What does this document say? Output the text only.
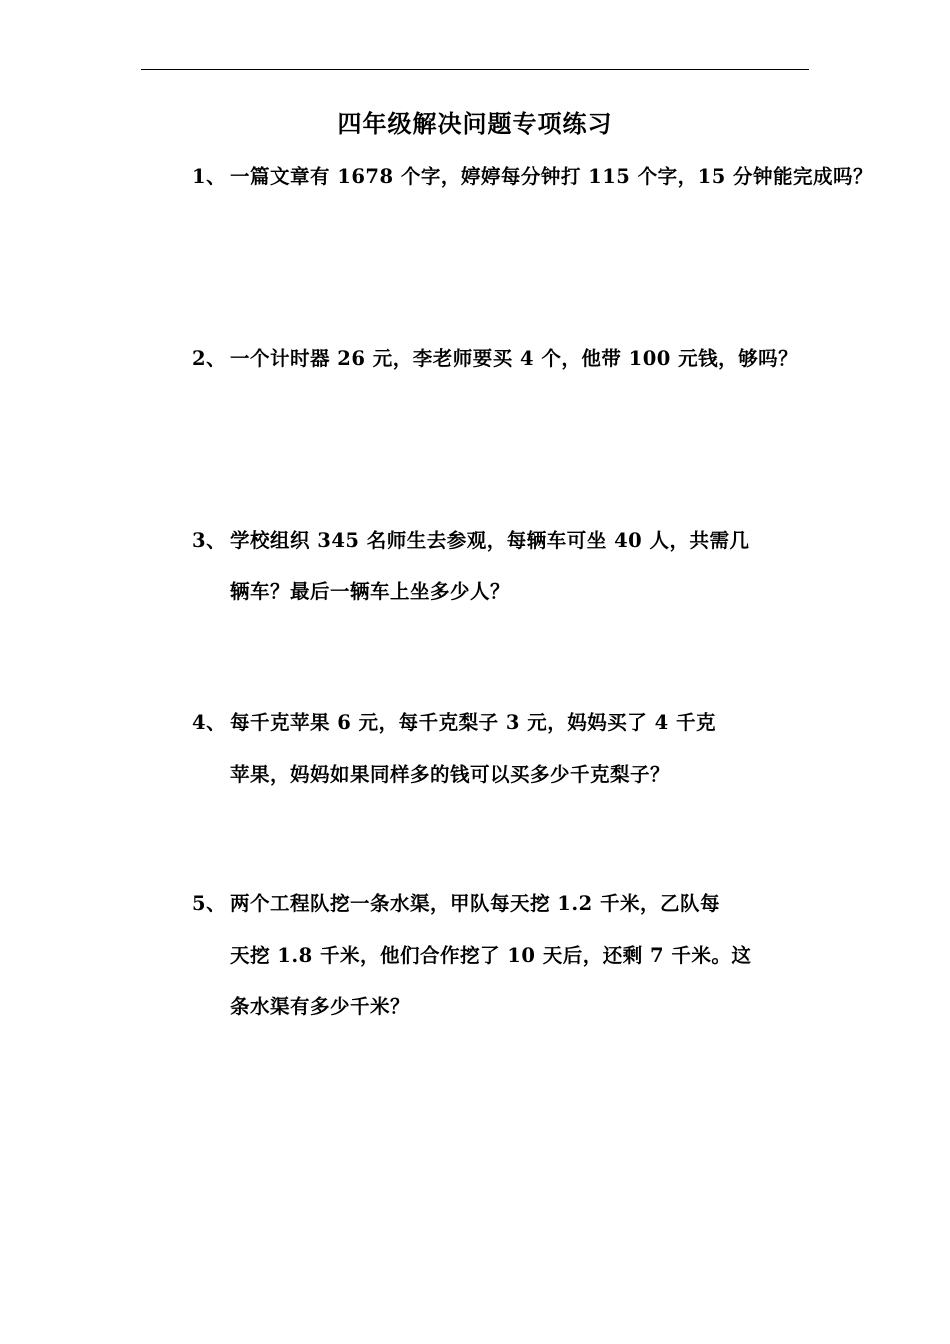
四年级解决问题专项练习
1、 一篇文章有 1678 个字，婷婷每分钟打 115 个字，15 分钟能完成吗？
2、 一个计时器 26 元，李老师要买 4 个，他带 100 元钱，够吗？
3、 学校组织 345 名师生去参观，每辆车可坐 40 人，共需几
辆车？最后一辆车上坐多少人？
4、 每千克苹果 6 元，每千克梨子 3 元，妈妈买了 4 千克
苹果，妈妈如果同样多的钱可以买多少千克梨子？
5、 两个工程队挖一条水渠，甲队每天挖 1.2 千米，乙队每
天挖 1.8 千米，他们合作挖了 10 天后，还剩 7 千米。这
条水渠有多少千米？
